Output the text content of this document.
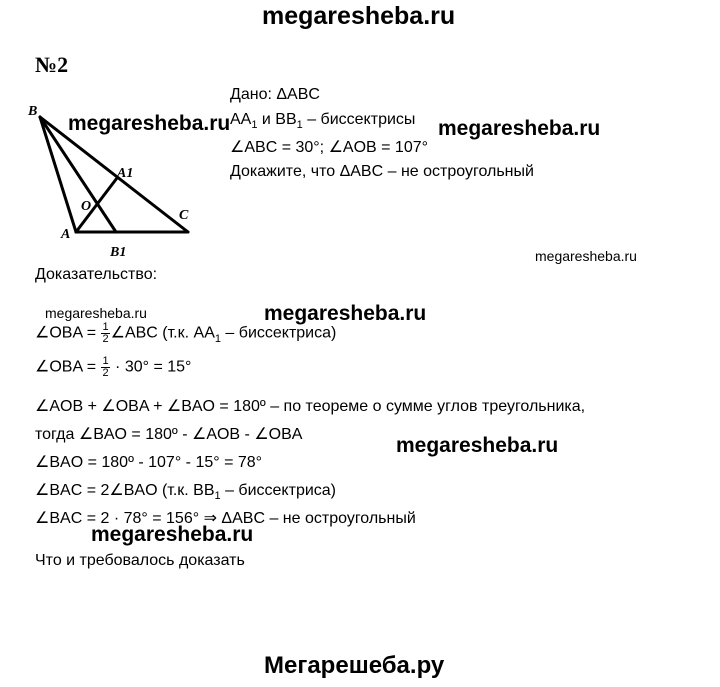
megaresheba.ru
№2
B
A1
O
C
A
B1
Дано: ΔABC
$AA_1$ и $BB_1$ – биссектрисы
∠ABC = 30°; ∠AOB = 107°
Докажите, что ΔABC – не остроугольный
megaresheba.ru	megaresheba.ru
megaresheba.ru
Доказательство:
megaresheba.ru	megaresheba.ru
∠OBA = $\frac{1}{2}$ ∠ABC (т.к. $AA_1$ – биссектриса)
∠OBA = $\frac{1}{2} \cdot 30^\circ = 15^\circ$
∠AOB + ∠OBA + ∠BAO = 180º – по теореме о сумме углов треугольника,
тогда ∠BAO = 180º - ∠AOB - ∠OBA	megaresheba.ru
∠BAO = 180º - 107° - 15° = 78°
∠BAC = 2∠BAO (т.к. $BB_1$ – биссектриса)
∠BAC = 2 · 78° = 156° ⇒ ΔABC – не остроугольный
megaresheba.ru
Что и требовалось доказать
Мегарешеба.ру
